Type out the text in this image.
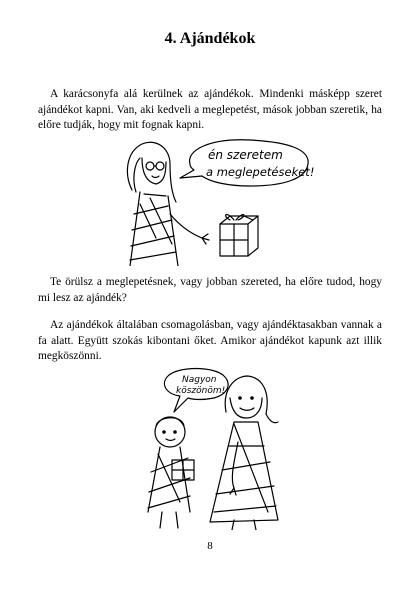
4. Ajándékok

A karácsonyfa alá kerülnek az ajándékok. Mindenki másképp szeret ajándékot kapni. Van, aki kedveli a meglepetést, mások jobban szeretik, ha előre tudják, hogy mit fognak kapni.

én szeretem
a meglepetéseket!

Te örülsz a meglepetésnek, vagy jobban szereted, ha előre tudod, hogy mi lesz az ajándék?

Az ajándékok általában csomagolásban, vagy ajándéktasakban vannak a fa alatt. Együtt szokás kibontani őket. Amikor ajándékot kapunk azt illik megköszönni.

Nagyon
köszönöm!
8
